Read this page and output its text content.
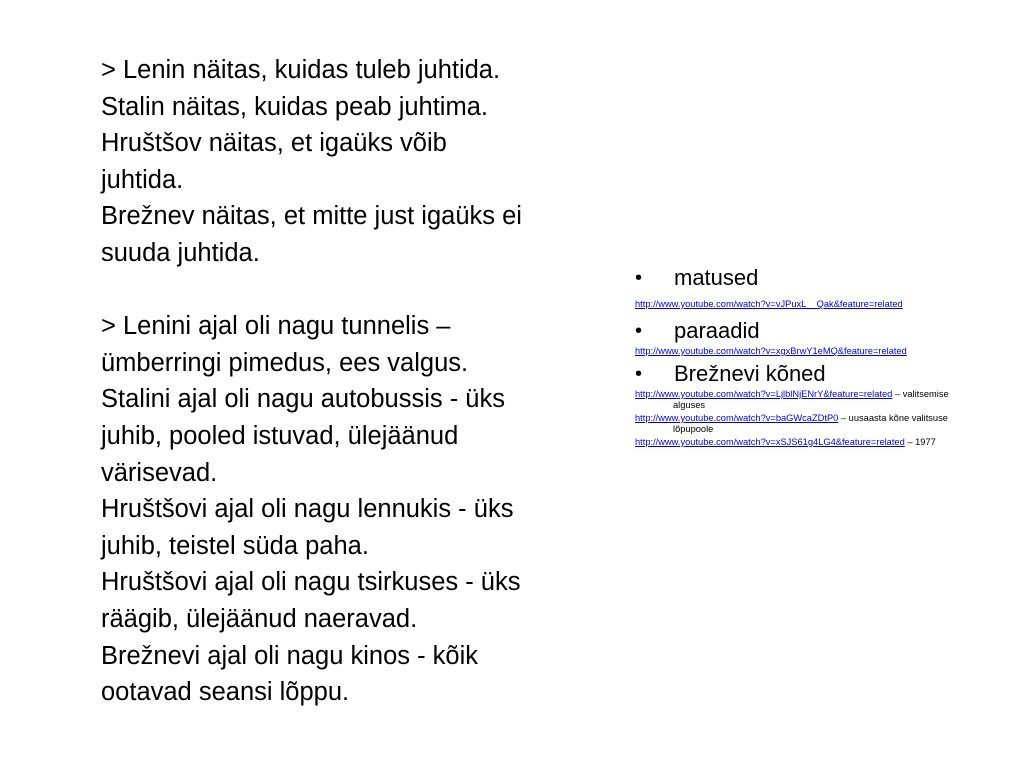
> Lenin näitas, kuidas tuleb juhtida.

Stalin näitas, kuidas peab juhtima.

Hruštšov näitas, et igaüks võib

juhtida.

Brežnev näitas, et mitte just igaüks ei

suuda juhtida.

> Lenini ajal oli nagu tunnelis –

ümberringi pimedus, ees valgus.

Stalini ajal oli nagu autobussis - üks

juhib, pooled istuvad, ülejäänud

värisevad.

Hruštšovi ajal oli nagu lennukis - üks

juhib, teistel süda paha.

Hruštšovi ajal oli nagu tsirkuses - üks

räägib, ülejäänud naeravad.

Brežnevi ajal oli nagu kinos - kõik

ootavad seansi lõppu.

•	matused
http://www.youtube.com/watch?v=vJPuxL__Qak&feature=related
•	paraadid
http://www.youtube.com/watch?v=xgxBrwY1eMQ&feature=related
•	Brežnevi kõned
http://www.youtube.com/watch?v=LjlblNjENrY&feature=related – valitsemise
alguses
http://www.youtube.com/watch?v=baGWcaZDtP0 – uusaasta kõne valitsuse
lõpupoole
http://www.youtube.com/watch?v=xSJS61g4LG4&feature=related – 1977
